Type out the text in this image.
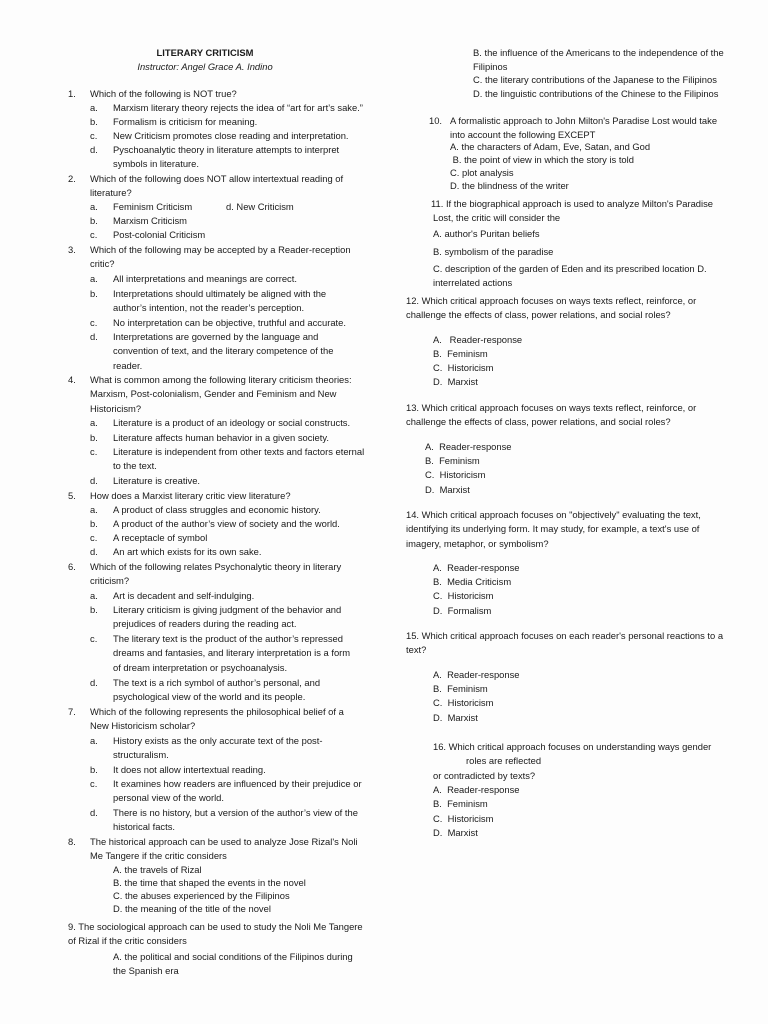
LITERARY CRITICISM
Instructor: Angel Grace A. Indino
1.	Which of the following is NOT true?
a. Marxism literary theory rejects the idea of “art for art’s sake.”
b. Formalism is criticism for meaning.
c. New Criticism promotes close reading and interpretation.
d. Pyschoanalytic theory in literature attempts to interpret symbols in literature.
2.	Which of the following does NOT allow intertextual reading of literature?
a. Feminism Criticism	d. New Criticism
b. Marxism Criticism
c. Post-colonial Criticism
3.	Which of the following may be accepted by a Reader-reception critic?
a. All interpretations and meanings are correct.
b. Interpretations should ultimately be aligned with the author’s intention, not the reader’s perception.
c. No interpretation can be objective, truthful and accurate.
d. Interpretations are governed by the language and convention of text, and the literary competence of the reader.
4.	What is common among the following literary criticism theories: Marxism, Post-colonialism, Gender and Feminism and New Historicism?
a. Literature is a product of an ideology or social constructs.
b. Literature affects human behavior in a given society.
c. Literature is independent from other texts and factors eternal to the text.
d. Literature is creative.
5.	How does a Marxist literary critic view literature?
a. A product of class struggles and economic history.
b. A product of the author’s view of society and the world.
c. A receptacle of symbol
d. An art which exists for its own sake.
6.	Which of the following relates Psychonalytic theory in literary criticism?
a. Art is decadent and self-indulging.
b. Literary criticism is giving judgment of the behavior and prejudices of readers during the reading act.
c. The literary text is the product of the author’s repressed dreams and fantasies, and literary interpretation is a form of dream interpretation or psychoanalysis.
d. The text is a rich symbol of author’s personal, and psychological view of the world and its people.
7.	Which of the following represents the philosophical belief of a New Historicism scholar?
a. History exists as the only accurate text of the post-structuralism.
b. It does not allow intertextual reading.
c. It examines how readers are influenced by their prejudice or personal view of the world.
d. There is no history, but a version of the author’s view of the historical facts.
8.	The historical approach can be used to analyze Jose Rizal's Noli Me Tangere if the critic considers
A. the travels of Rizal
B. the time that shaped the events in the novel
C. the abuses experienced by the Filipinos
D. the meaning of the title of the novel
9. The sociological approach can be used to study the Noli Me Tangere of Rizal if the critic considers
A. the political and social conditions of the Filipinos during the Spanish era
B. the influence of the Americans to the independence of the Filipinos
C. the literary contributions of the Japanese to the Filipinos
D. the linguistic contributions of the Chinese to the Filipinos
10. A formalistic approach to John Milton's Paradise Lost would take into account the following EXCEPT
A. the characters of Adam, Eve, Satan, and God
B. the point of view in which the story is told
C. plot analysis
D. the blindness of the writer
11. If the biographical approach is used to analyze Milton's Paradise Lost, the critic will consider the
A. author's Puritan beliefs
B. symbolism of the paradise
C. description of the garden of Eden and its prescribed location D. interrelated actions
12. Which critical approach focuses on ways texts reflect, reinforce, or challenge the effects of class, power relations, and social roles?
A.   Reader-response
B.  Feminism
C.  Historicism
D.  Marxist
13. Which critical approach focuses on ways texts reflect, reinforce, or challenge the effects of class, power relations, and social roles?
A.  Reader-response
B.  Feminism
C.  Historicism
D.  Marxist
14. Which critical approach focuses on "objectively" evaluating the text, identifying its underlying form. It may study, for example, a text's use of imagery, metaphor, or symbolism?
A.  Reader-response
B.  Media Criticism
C.  Historicism
D.  Formalism
15. Which critical approach focuses on each reader's personal reactions to a text?
A.  Reader-response
B.  Feminism
C.  Historicism
D.  Marxist
16. Which critical approach focuses on understanding ways gender
roles are reflected
or contradicted by texts?
A.  Reader-response
B.  Feminism
C.  Historicism
D.  Marxist
